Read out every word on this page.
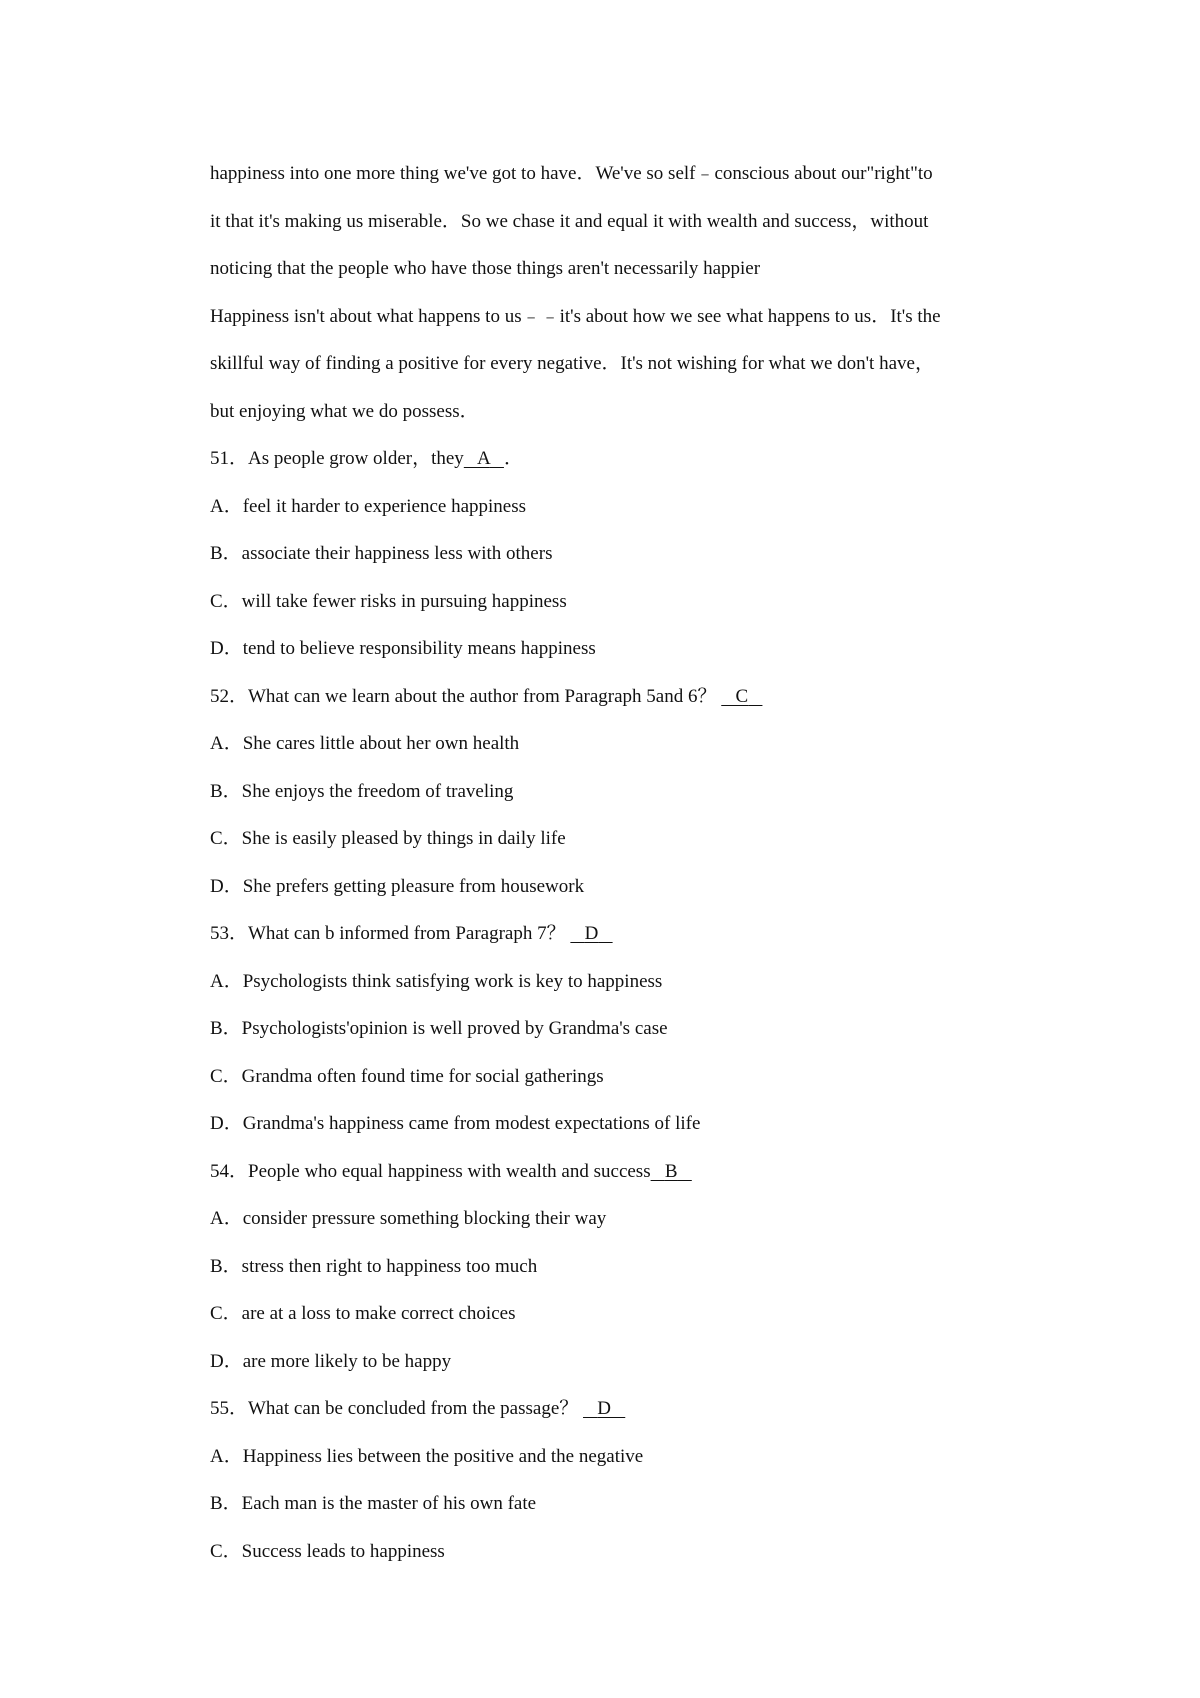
happiness into one more thing we've got to have．We've so self﹣conscious about our"right"to
it that it's making us miserable．So we chase it and equal it with wealth and success，without
noticing that the people who have those things aren't necessarily happier
Happiness isn't about what happens to us﹣﹣it's about how we see what happens to us．It's the
skillful way of finding a positive for every negative．It's not wishing for what we don't have，
but enjoying what we do possess．
51．As people grow older，they A ．
A．feel it harder to experience happiness
B．associate their happiness less with others
C．will take fewer risks in pursuing happiness
D．tend to believe responsibility means happiness
52．What can we learn about the author from Paragraph 5and 6？ C
A．She cares little about her own health
B．She enjoys the freedom of traveling
C．She is easily pleased by things in daily life
D．She prefers getting pleasure from housework
53．What can b informed from Paragraph 7？ D
A．Psychologists think satisfying work is key to happiness
B．Psychologists'opinion is well proved by Grandma's case
C．Grandma often found time for social gatherings
D．Grandma's happiness came from modest expectations of life
54．People who equal happiness with wealth and success B
A．consider pressure something blocking their way
B．stress then right to happiness too much
C．are at a loss to make correct choices
D．are more likely to be happy
55．What can be concluded from the passage？ D
A．Happiness lies between the positive and the negative
B．Each man is the master of his own fate
C．Success leads to happiness
